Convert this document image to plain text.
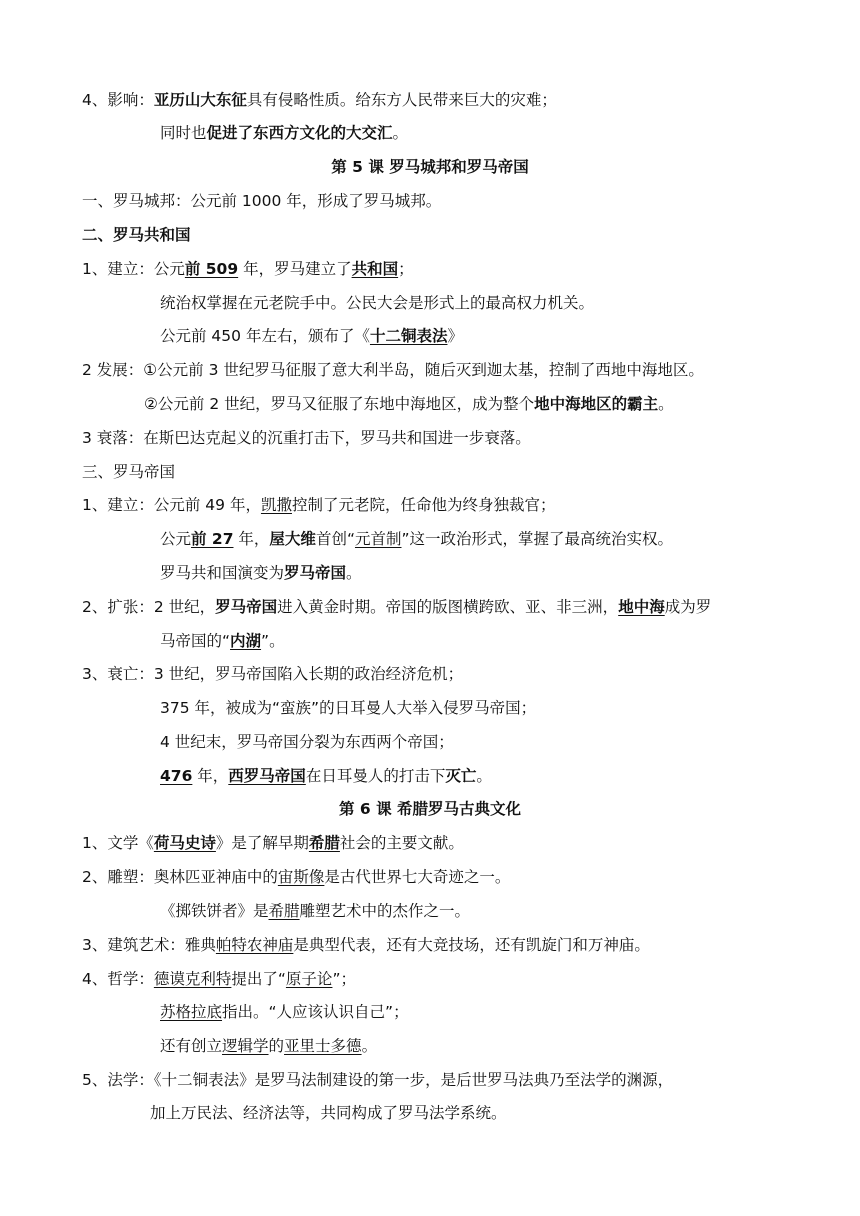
4、影响：亚历山大东征具有侵略性质。给东方人民带来巨大的灾难；
同时也促进了东西方文化的大交汇。
第 5 课 罗马城邦和罗马帝国
一、罗马城邦：公元前 1000 年，形成了罗马城邦。
二、罗马共和国
1、建立：公元前 509 年，罗马建立了共和国；
统治权掌握在元老院手中。公民大会是形式上的最高权力机关。
公元前 450 年左右，颁布了《十二铜表法》
2 发展：①公元前 3 世纪罗马征服了意大利半岛，随后灭到迦太基，控制了西地中海地区。
②公元前 2 世纪，罗马又征服了东地中海地区，成为整个地中海地区的霸主。
3 衰落：在斯巴达克起义的沉重打击下，罗马共和国进一步衰落。
三、罗马帝国
1、建立：公元前 49 年，凯撒控制了元老院，任命他为终身独裁官；
公元前 27 年，屋大维首创“元首制”这一政治形式，掌握了最高统治实权。
罗马共和国演变为罗马帝国。
2、扩张：2 世纪，罗马帝国进入黄金时期。帝国的版图横跨欧、亚、非三洲，地中海成为罗
马帝国的“内湖”。
3、衰亡：3 世纪，罗马帝国陷入长期的政治经济危机；
375 年，被成为“蛮族”的日耳曼人大举入侵罗马帝国；
4 世纪末，罗马帝国分裂为东西两个帝国；
476 年，西罗马帝国在日耳曼人的打击下灭亡。
第 6 课 希腊罗马古典文化
1、文学《荷马史诗》是了解早期希腊社会的主要文献。
2、雕塑：奥林匹亚神庙中的宙斯像是古代世界七大奇迹之一。
《掷铁饼者》是希腊雕塑艺术中的杰作之一。
3、建筑艺术：雅典帕特农神庙是典型代表，还有大竞技场，还有凯旋门和万神庙。
4、哲学：德谟克利特提出了“原子论”；
苏格拉底指出。“人应该认识自己”；
还有创立逻辑学的亚里士多德。
5、法学：《十二铜表法》是罗马法制建设的第一步，是后世罗马法典乃至法学的渊源，
加上万民法、经济法等，共同构成了罗马法学系统。
